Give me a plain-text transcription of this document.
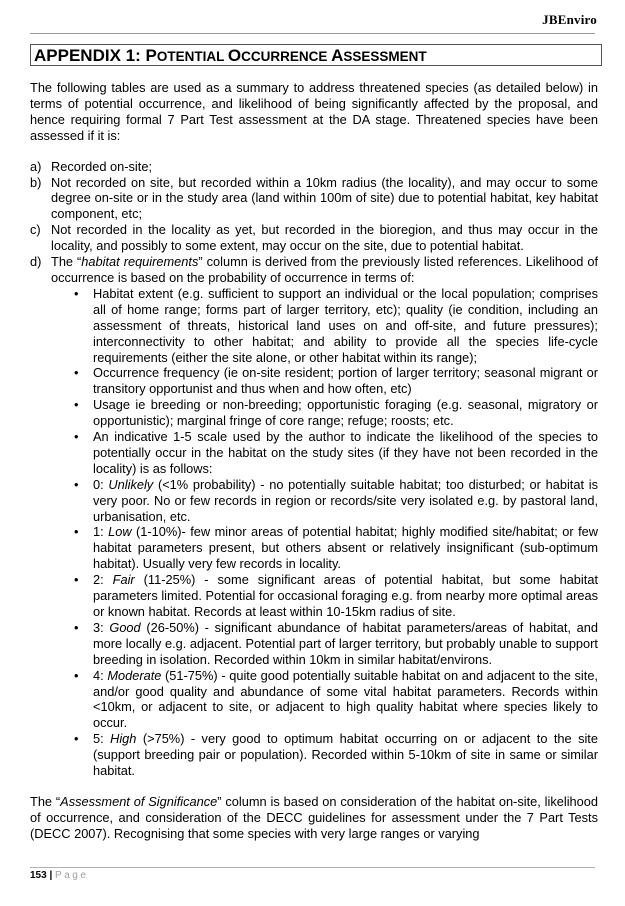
JBEnviro
APPENDIX 1: POTENTIAL OCCURRENCE ASSESSMENT

The following tables are used as a summary to address threatened species (as detailed below) in terms of potential occurrence, and likelihood of being significantly affected by the proposal, and hence requiring formal 7 Part Test assessment at the DA stage. Threatened species have been assessed if it is:

a) Recorded on-site;
b) Not recorded on site, but recorded within a 10km radius (the locality), and may occur to some degree on-site or in the study area (land within 100m of site) due to potential habitat, key habitat component, etc;
c) Not recorded in the locality as yet, but recorded in the bioregion, and thus may occur in the locality, and possibly to some extent, may occur on the site, due to potential habitat.
d) The “habitat requirements” column is derived from the previously listed references. Likelihood of occurrence is based on the probability of occurrence in terms of:
• Habitat extent (e.g. sufficient to support an individual or the local population; comprises all of home range; forms part of larger territory, etc); quality (ie condition, including an assessment of threats, historical land uses on and off-site, and future pressures); interconnectivity to other habitat; and ability to provide all the species life-cycle requirements (either the site alone, or other habitat within its range);
• Occurrence frequency (ie on-site resident; portion of larger territory; seasonal migrant or transitory opportunist and thus when and how often, etc)
• Usage ie breeding or non-breeding; opportunistic foraging (e.g. seasonal, migratory or opportunistic); marginal fringe of core range; refuge; roosts; etc.
• An indicative 1-5 scale used by the author to indicate the likelihood of the species to potentially occur in the habitat on the study sites (if they have not been recorded in the locality) is as follows:
• 0: Unlikely (<1% probability) - no potentially suitable habitat; too disturbed; or habitat is very poor. No or few records in region or records/site very isolated e.g. by pastoral land, urbanisation, etc.
• 1: Low (1-10%)- few minor areas of potential habitat; highly modified site/habitat; or few habitat parameters present, but others absent or relatively insignificant (sub-optimum habitat). Usually very few records in locality.
• 2: Fair (11-25%) - some significant areas of potential habitat, but some habitat parameters limited. Potential for occasional foraging e.g. from nearby more optimal areas or known habitat. Records at least within 10-15km radius of site.
• 3: Good (26-50%) - significant abundance of habitat parameters/areas of habitat, and more locally e.g. adjacent. Potential part of larger territory, but probably unable to support breeding in isolation. Recorded within 10km in similar habitat/environs.
• 4: Moderate (51-75%) - quite good potentially suitable habitat on and adjacent to the site, and/or good quality and abundance of some vital habitat parameters. Records within <10km, or adjacent to site, or adjacent to high quality habitat where species likely to occur.
• 5: High (>75%) - very good to optimum habitat occurring on or adjacent to the site (support breeding pair or population). Recorded within 5-10km of site in same or similar habitat.

The “Assessment of Significance” column is based on consideration of the habitat on-site, likelihood of occurrence, and consideration of the DECC guidelines for assessment under the 7 Part Tests (DECC 2007). Recognising that some species with very large ranges or varying

153 | Page
